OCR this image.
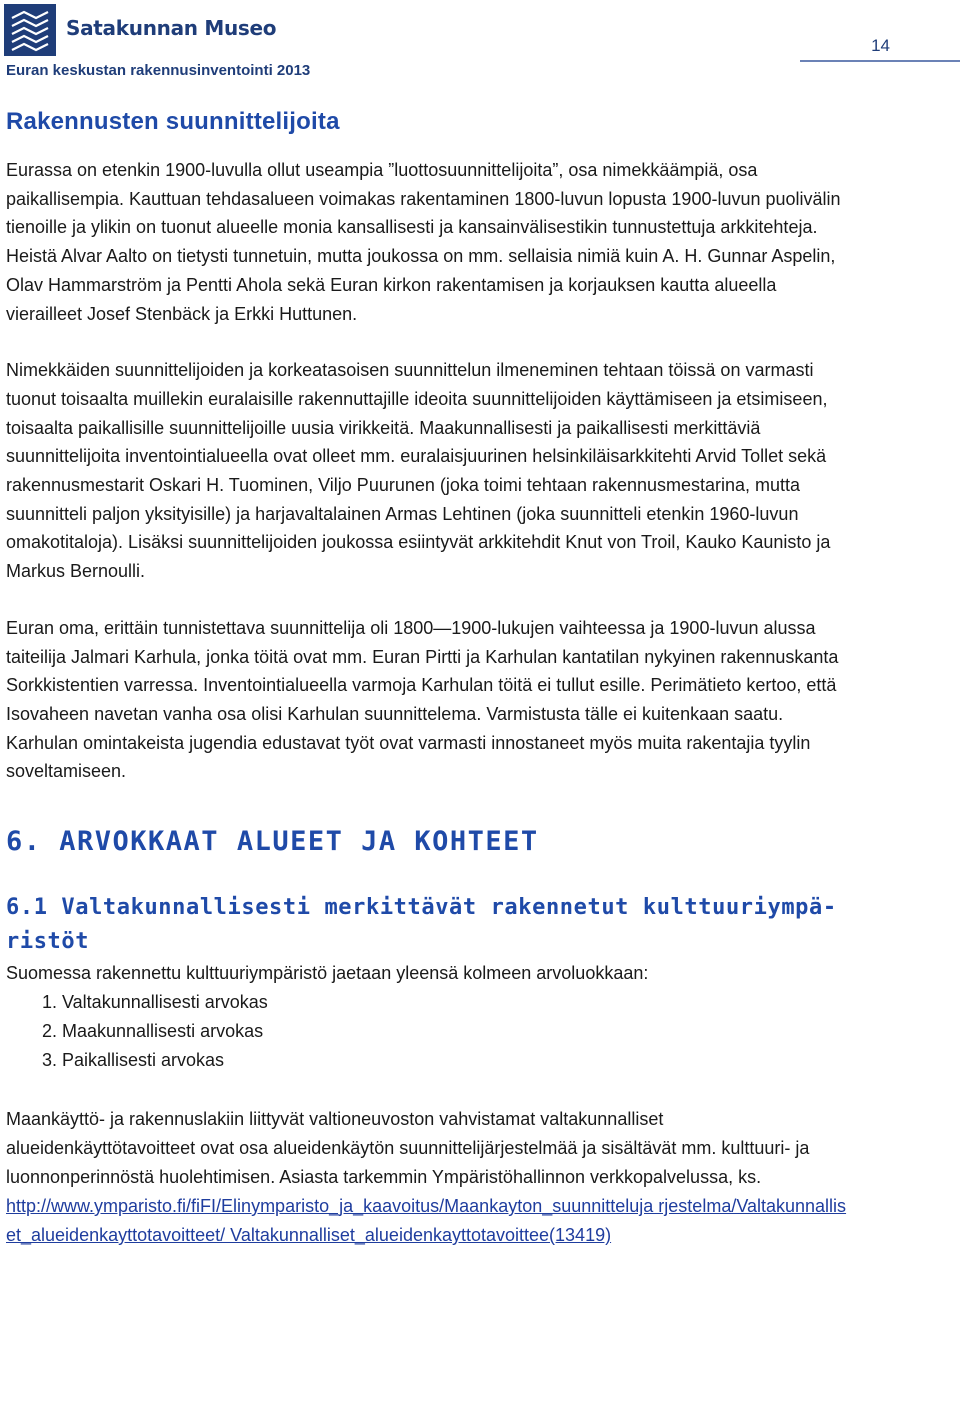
Satakunnan Museo
Euran keskustan rakennusinventointi 2013
14
Rakennusten suunnittelijoita

Eurassa on etenkin 1900-luvulla ollut useampia ”luottosuunnittelijoita”, osa nimekkäämpiä, osa paikallisempia. Kauttuan tehdasalueen voimakas rakentaminen 1800-luvun lopusta 1900-luvun puolivälin tienoille ja ylikin on tuonut alueelle monia kansallisesti ja kansainvälisestikin tunnustettuja arkkitehteja. Heistä Alvar Aalto on tietysti tunnetuin, mutta joukossa on mm. sellaisia nimiä kuin A. H. Gunnar Aspelin, Olav Hammarström ja Pentti Ahola sekä Euran kirkon rakentamisen ja korjauksen kautta alueella vierailleet Josef Stenbäck ja Erkki Huttunen.

Nimekkäiden suunnittelijoiden ja korkeatasoisen suunnittelun ilmeneminen tehtaan töissä on varmasti tuonut toisaalta muillekin euralaisille rakennuttajille ideoita suunnittelijoiden käyttämiseen ja etsimiseen, toisaalta paikallisille suunnittelijoille uusia virikkeitä. Maakunnallisesti ja paikallisesti merkittäviä suunnittelijoita inventointialueella ovat olleet mm. euralaisjuurinen helsinkiläisarkkitehti Arvid Tollet sekä rakennusmestarit Oskari H. Tuominen, Viljo Puurunen (joka toimi tehtaan rakennusmestarina, mutta suunnitteli paljon yksityisille) ja harjavaltalainen Armas Lehtinen (joka suunnitteli etenkin 1960-luvun omakotitaloja). Lisäksi suunnittelijoiden joukossa esiintyvät arkkitehdit Knut von Troil, Kauko Kaunisto ja Markus Bernoulli.

Euran oma, erittäin tunnistettava suunnittelija oli 1800—1900-lukujen vaihteessa ja 1900-luvun alussa taiteilija Jalmari Karhula, jonka töitä ovat mm. Euran Pirtti ja Karhulan kantatilan nykyinen rakennuskanta Sorkkistentien varressa. Inventointialueella varmoja Karhulan töitä ei tullut esille. Perimätieto kertoo, että Isovaheen navetan vanha osa olisi Karhulan suunnittelema. Varmistusta tälle ei kuitenkaan saatu. Karhulan omintakeista jugendia edustavat työt ovat varmasti innostaneet myös muita rakentajia tyylin soveltamiseen.

6. ARVOKKAAT ALUEET JA KOHTEET
6.1 Valtakunnallisesti merkittävät rakennetut kulttuuriympäristöt

Suomessa rakennettu kulttuuriympäristö jaetaan yleensä kolmeen arvoluokkaan:

1. Valtakunnallisesti arvokas
2. Maakunnallisesti arvokas
3. Paikallisesti arvokas

Maankäyttö- ja rakennuslakiin liittyvät valtioneuvoston vahvistamat valtakunnalliset alueidenkäyttötavoitteet ovat osa alueidenkäytön suunnittelijärjestelmää ja sisältävät mm. kulttuuri- ja luonnonperinnöstä huolehtimisen. Asiasta tarkemmin Ympäristöhallinnon verkkopalvelussa, ks.

http://www.ymparisto.fi/fiFI/Elinymparisto_ja_kaavoitus/Maankayton_suunnitteluja rjestelma/Valtakunnalliset_alueidenkayttotavoitteet/ Valtakunnalliset_alueidenkayttotavoittee(13419)
